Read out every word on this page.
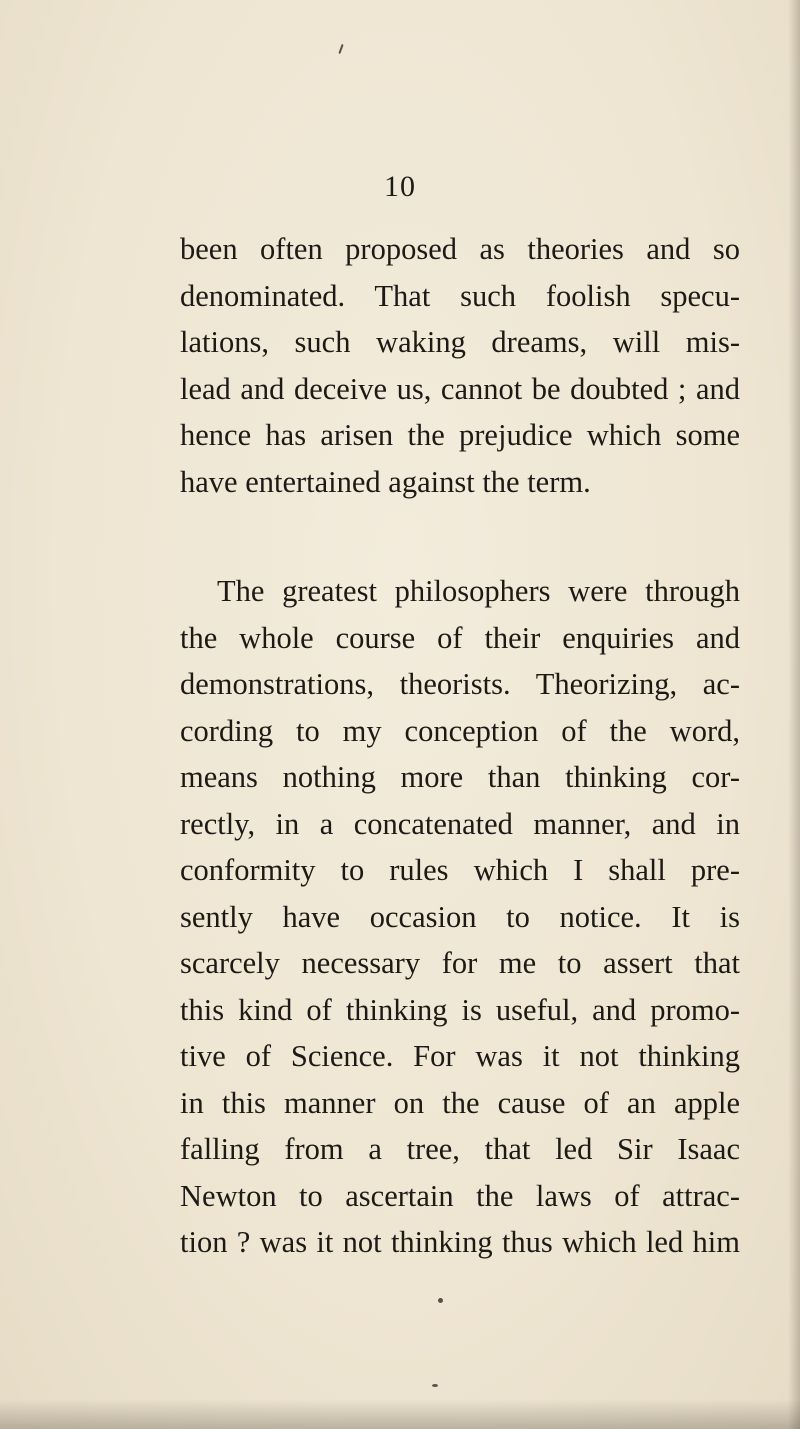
10
been often proposed as theories and so
denominated. That such foolish specu-
lations, such waking dreams, will mis-
lead and deceive us, cannot be doubted ; and
hence has arisen the prejudice which some
have entertained against the term.
The greatest philosophers were through
the whole course of their enquiries and
demonstrations, theorists. Theorizing, ac-
cording to my conception of the word,
means nothing more than thinking cor-
rectly, in a concatenated manner, and in
conformity to rules which I shall pre-
sently have occasion to notice. It is
scarcely necessary for me to assert that
this kind of thinking is useful, and promo-
tive of Science. For was it not thinking
in this manner on the cause of an apple
falling from a tree, that led Sir Isaac
Newton to ascertain the laws of attrac-
tion ? was it not thinking thus which led him
